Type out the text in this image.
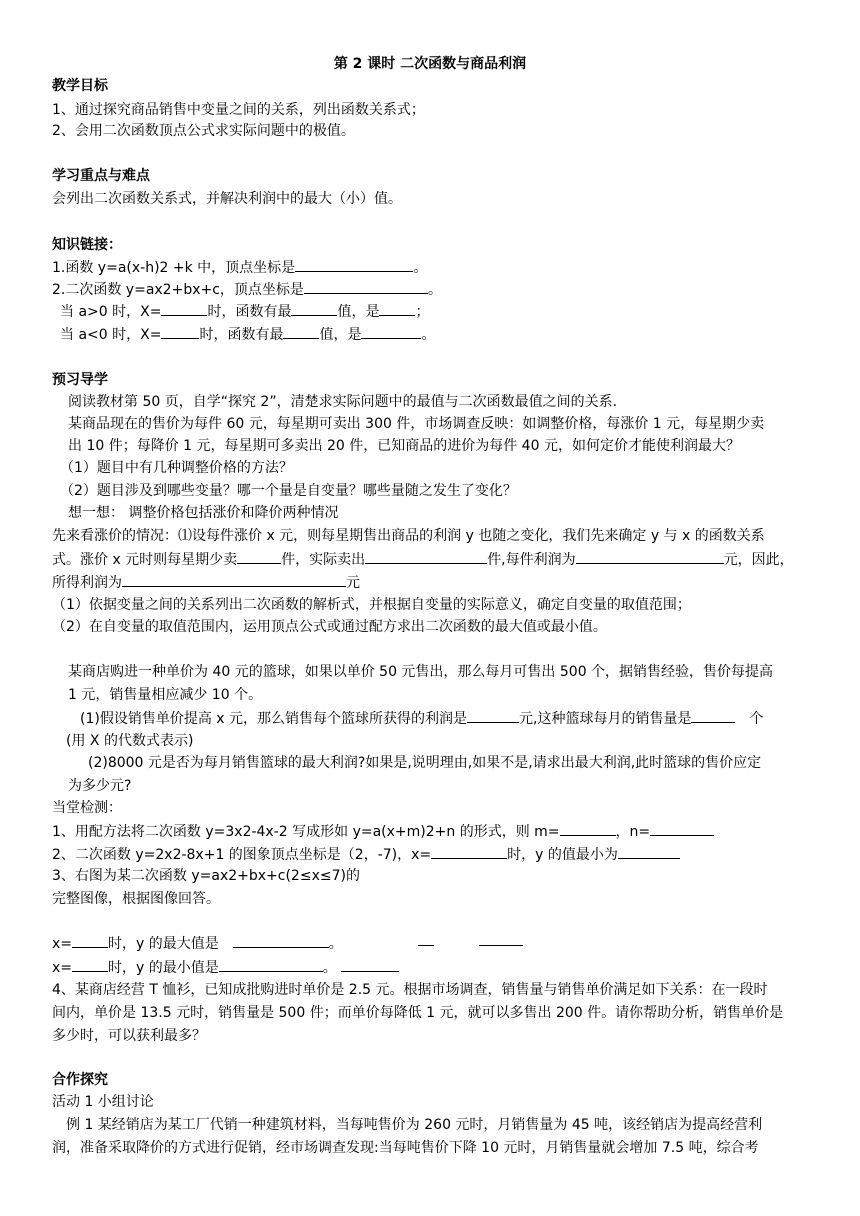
第 2 课时 二次函数与商品利润
教学目标
1、通过探究商品销售中变量之间的关系，列出函数关系式；
2、会用二次函数顶点公式求实际问题中的极值。
学习重点与难点
会列出二次函数关系式，并解决利润中的最大（小）值。
知识链接：
1.函数 y=a(x-h)2 +k 中，顶点坐标是	。
2.二次函数 y=ax2+bx+c，顶点坐标是	。
当 a>0 时，X=	时，函数有最	值，是	；
当 a<0 时，X=	时，函数有最	值，是	。
预习导学
阅读教材第 50 页，自学“探究 2”，清楚求实际问题中的最值与二次函数最值之间的关系.
某商品现在的售价为每件 60 元，每星期可卖出 300 件，市场调查反映：如调整价格，每涨价 1 元，每星期少卖
出 10 件；每降价 1 元，每星期可多卖出 20 件，已知商品的进价为每件 40 元，如何定价才能使利润最大？
（1）题目中有几种调整价格的方法？
（2）题目涉及到哪些变量？哪一个量是自变量？哪些量随之发生了变化？
想一想： 调整价格包括涨价和降价两种情况
先来看涨价的情况：⑴设每件涨价 x 元，则每星期售出商品的利润 y 也随之变化，我们先来确定 y 与 x 的函数关系
式。涨价 x 元时则每星期少卖	件，实际卖出	件,每件利润为	元，因此，
所得利润为	元
（1）依据变量之间的关系列出二次函数的解析式，并根据自变量的实际意义，确定自变量的取值范围；
（2）在自变量的取值范围内，运用顶点公式或通过配方求出二次函数的最大值或最小值。
某商店购进一种单价为 40 元的篮球，如果以单价 50 元售出，那么每月可售出 500 个，据销售经验，售价每提高
1 元，销售量相应减少 10 个。
(1)假设销售单价提高 x 元，那么销售每个篮球所获得的利润是	元,这种篮球每月的销售量是	个
(用 X 的代数式表示)
(2)8000 元是否为每月销售篮球的最大利润?如果是,说明理由,如果不是,请求出最大利润,此时篮球的售价应定
为多少元?
当堂检测：
1、用配方法将二次函数 y=3x2-4x-2 写成形如 y=a(x+m)2+n 的形式，则 m=	，n=
2、二次函数 y=2x2-8x+1 的图象顶点坐标是（2，-7)，x=	时，y 的值最小为
3、右图为某二次函数 y=ax2+bx+c(2≤x≤7)的
完整图像，根据图像回答。
x=	时，y 的最大值是	。
x=	时，y 的最小值是	。
4、某商店经营 T 恤衫，已知成批购进时单价是 2.5 元。根据市场调查，销售量与销售单价满足如下关系：在一段时
间内，单价是 13.5 元时，销售量是 500 件；而单价每降低 1 元，就可以多售出 200 件。请你帮助分析，销售单价是
多少时，可以获利最多？
合作探究
活动 1 小组讨论
例 1 某经销店为某工厂代销一种建筑材料，当每吨售价为 260 元时，月销售量为 45 吨，该经销店为提高经营利
润，准备采取降价的方式进行促销，经市场调查发现:当每吨售价下降 10 元时，月销售量就会增加 7.5 吨，综合考
